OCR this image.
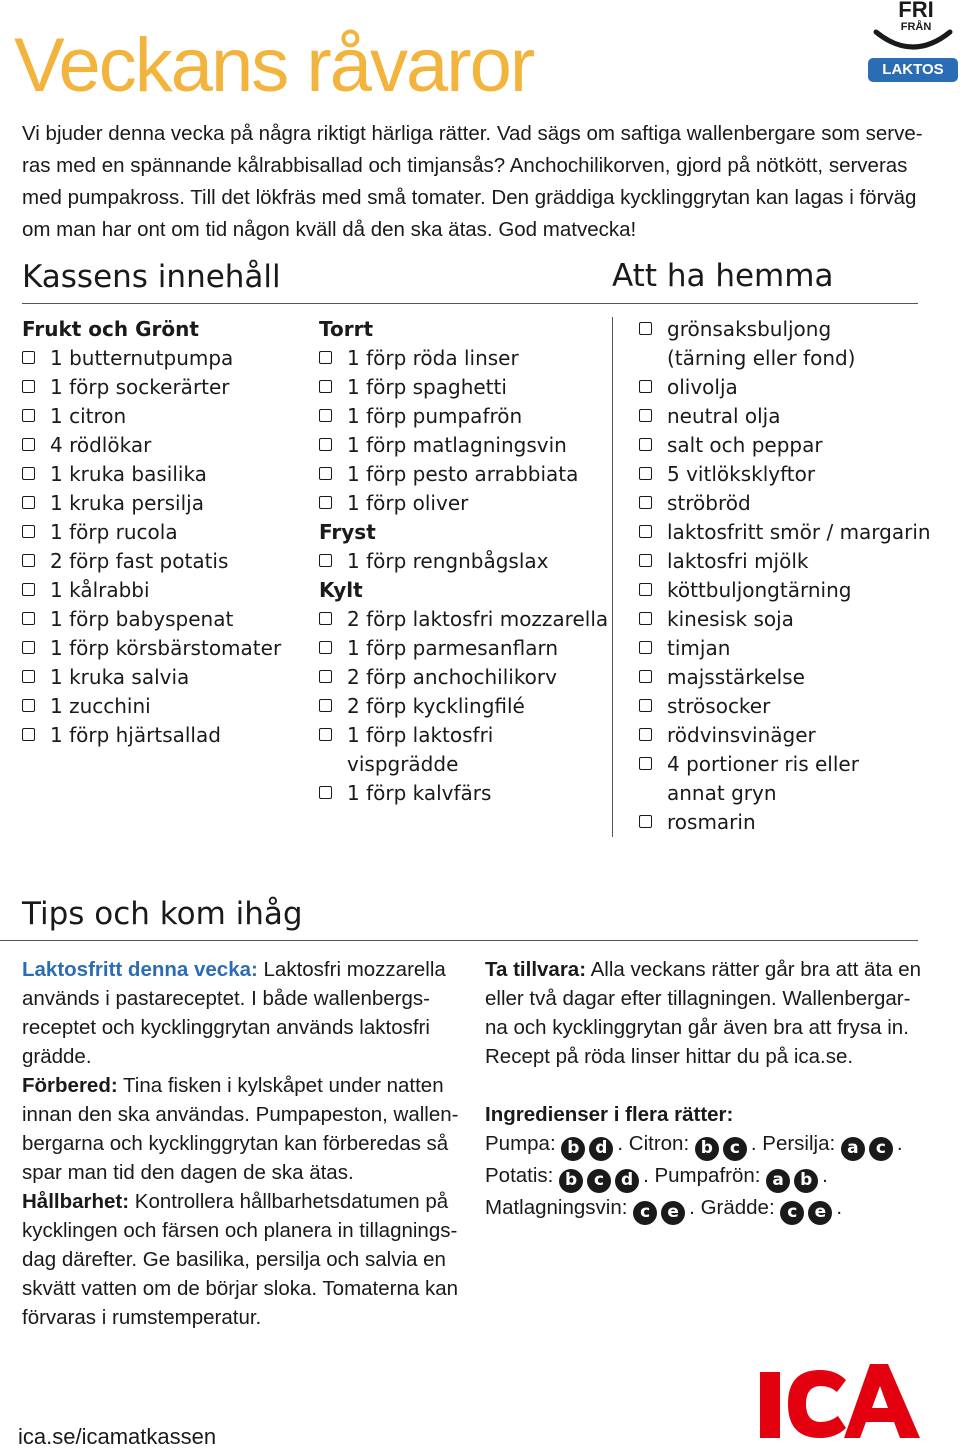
Veckans råvaror
FRI
FRÅN
LAKTOS

Vi bjuder denna vecka på några riktigt härliga rätter. Vad sägs om saftiga wallenbergare som serve-ras med en spännande kålrabbisallad och timjansås? Anchochilikorven, gjord på nötkött, serveras med pumpakross. Till det lökfräs med små tomater. Den gräddiga kycklinggrytan kan lagas i förväg om man har ont om tid någon kväll då den ska ätas. God matvecka!

Kassens innehåll	Att ha hemma
Frukt och Grönt
1 butternutpumpa
1 förp sockerärter
1 citron
4 rödlökar
1 kruka basilika
1 kruka persilja
1 förp rucola
2 förp fast potatis
1 kålrabbi
1 förp babyspenat
1 förp körsbärstomater
1 kruka salvia
1 zucchini
1 förp hjärtsallad
Torrt
1 förp röda linser
1 förp spaghetti
1 förp pumpafrön
1 förp matlagningsvin
1 förp pesto arrabbiata
1 förp oliver
Fryst
1 förp rengnbågslax
Kylt
2 förp laktosfri mozzarella
1 förp parmesanflarn
2 förp anchochilikorv
2 förp kycklingfilé
1 förp laktosfri vispgrädde
1 förp kalvfärs
grönsaksbuljong
(tärning eller fond)
olivolja
neutral olja
salt och peppar
5 vitlöksklyftor
ströbröd
laktosfritt smör / margarin
laktosfri mjölk
köttbuljongtärning
kinesisk soja
timjan
majsstärkelse
strösocker
rödvinsvinäger
4 portioner ris eller
annat gryn
rosmarin
Tips och kom ihåg

Laktosfritt denna vecka: Laktosfri mozzarella används i pastareceptet. I både wallenbergs-receptet och kycklinggrytan används laktosfri grädde.

Förbered: Tina fisken i kylskåpet under natten innan den ska användas. Pumpapeston, wallen-bergarna och kycklinggrytan kan förberedas så spar man tid den dagen de ska ätas.

Hållbarhet: Kontrollera hållbarhetsdatumen på kycklingen och färsen och planera in tillagnings-dag därefter. Ge basilika, persilja och salvia en skvätt vatten om de börjar sloka. Tomaterna kan förvaras i rumstemperatur.

Ta tillvara: Alla veckans rätter går bra att äta en eller två dagar efter tillagningen. Wallenbergar-na och kycklinggrytan går även bra att frysa in. Recept på röda linser hittar du på ica.se.

Ingredienser i flera rätter:

Pumpa: b d . Citron: b c . Persilja: a c . Potatis: b c d . Pumpafrön: a b . Matlagningsvin: c e . Grädde: c e .

ica.se/icamatkassen
